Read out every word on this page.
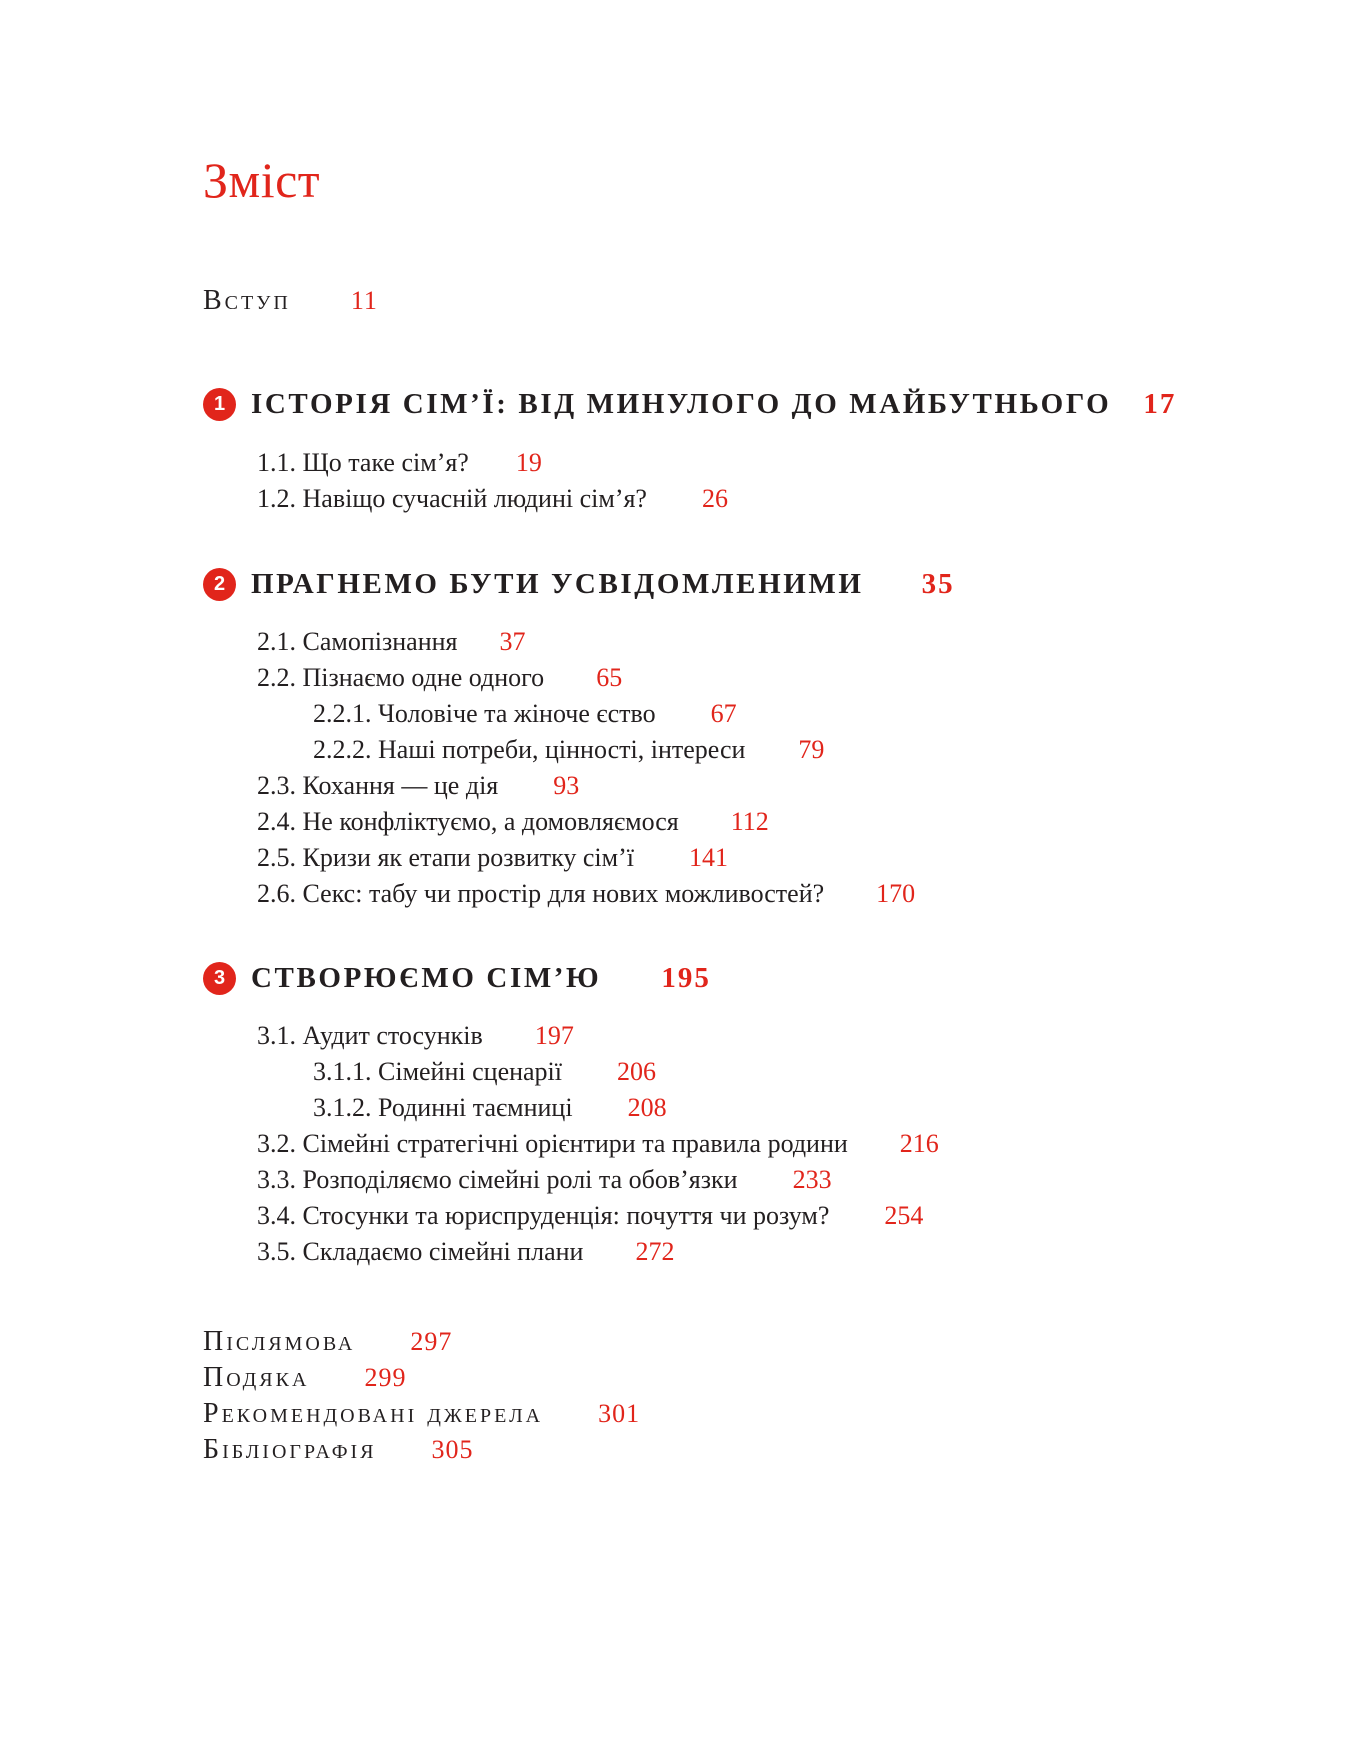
Зміст
Вступ 11
1 ІСТОРІЯ СІМ’Ї: ВІД МИНУЛОГО ДО МАЙБУТНЬОГО 17
1.1. Що таке сім’я? 19
1.2. Навіщо сучасній людині сім’я? 26
2 ПРАГНЕМО БУТИ УСВІДОМЛЕНИМИ 35
2.1. Самопізнання 37
2.2. Пізнаємо одне одного 65
2.2.1. Чоловіче та жіноче єство 67
2.2.2. Наші потреби, цінності, інтереси 79
2.3. Кохання — це дія 93
2.4. Не конфліктуємо, а домовляємося 112
2.5. Кризи як етапи розвитку сім’ї 141
2.6. Секс: табу чи простір для нових можливостей? 170
3 СТВОРЮЄМО СІМ’Ю 195
3.1. Аудит стосунків 197
3.1.1. Сімейні сценарії 206
3.1.2. Родинні таємниці 208
3.2. Сімейні стратегічні орієнтири та правила родини 216
3.3. Розподіляємо сімейні ролі та обов’язки 233
3.4. Стосунки та юриспруденція: почуття чи розум? 254
3.5. Складаємо сімейні плани 272
Післямова 297
Подяка 299
Рекомендовані джерела 301
Бібліографія 305
